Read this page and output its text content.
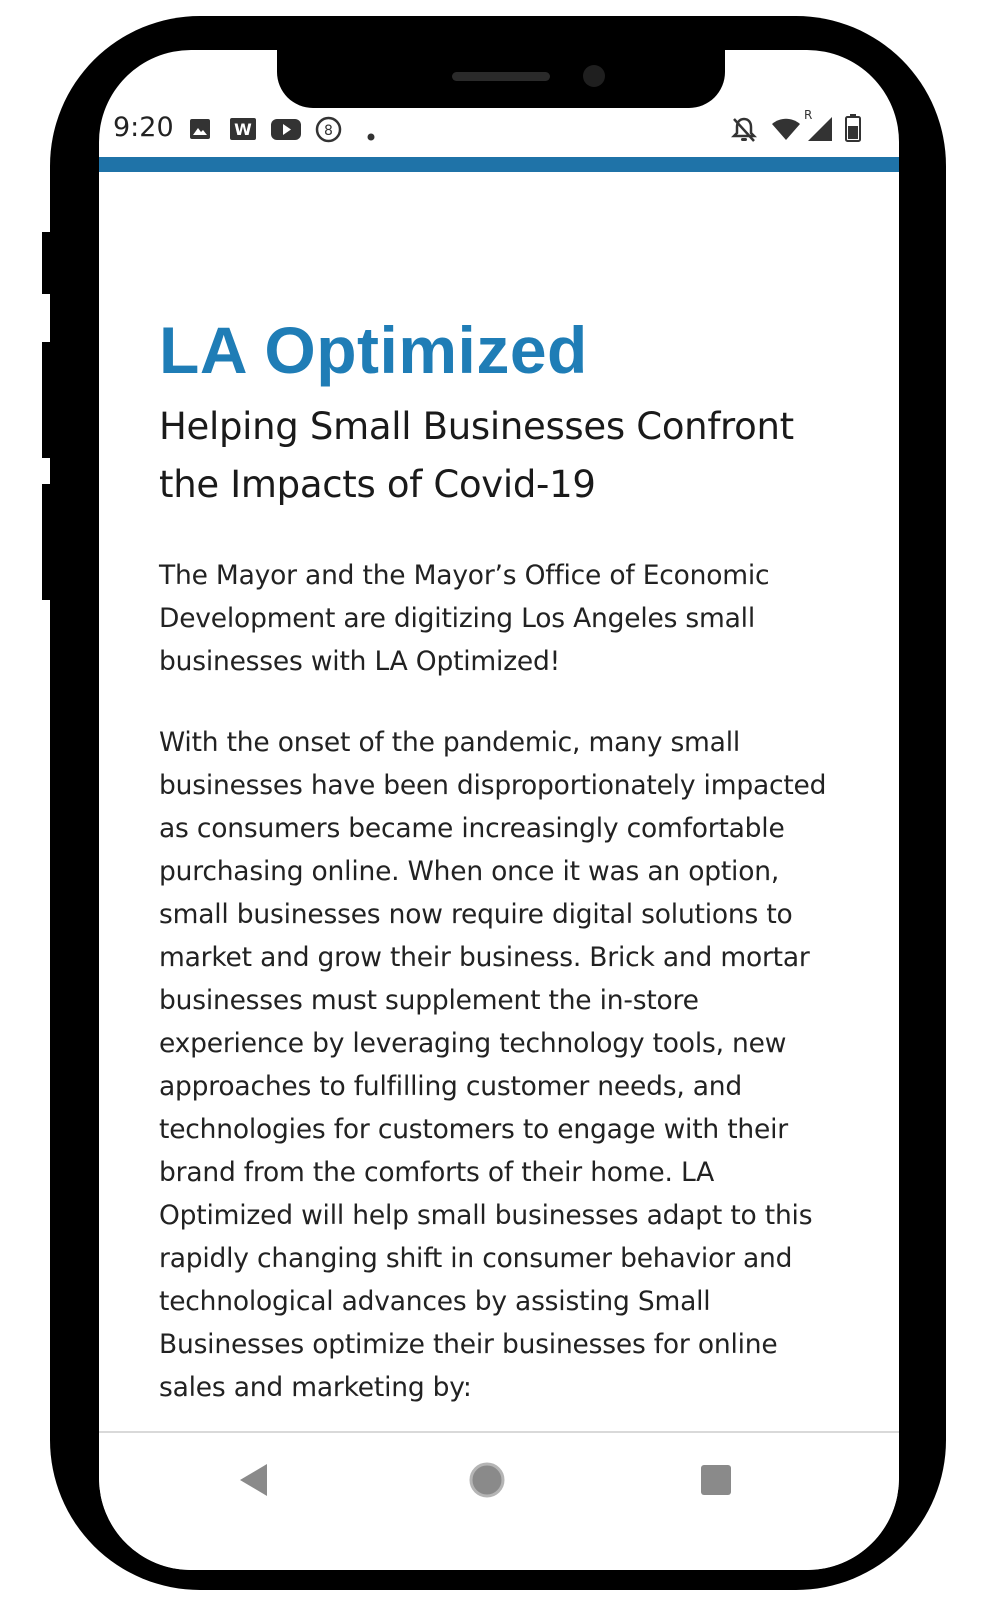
9:20	W	8
R
LA Optimized

Helping Small Businesses Confront the Impacts of Covid-19

The Mayor and the Mayor’s Office of Economic Development are digitizing Los Angeles small businesses with LA Optimized!

With the onset of the pandemic, many small businesses have been disproportionately impacted as consumers became increasingly comfortable purchasing online. When once it was an option, small businesses now require digital solutions to market and grow their business. Brick and mortar businesses must supplement the in-store experience by leveraging technology tools, new approaches to fulfilling customer needs, and technologies for customers to engage with their brand from the comforts of their home. LA Optimized will help small businesses adapt to this rapidly changing shift in consumer behavior and technological advances by assisting Small Businesses optimize their businesses for online sales and marketing by:
